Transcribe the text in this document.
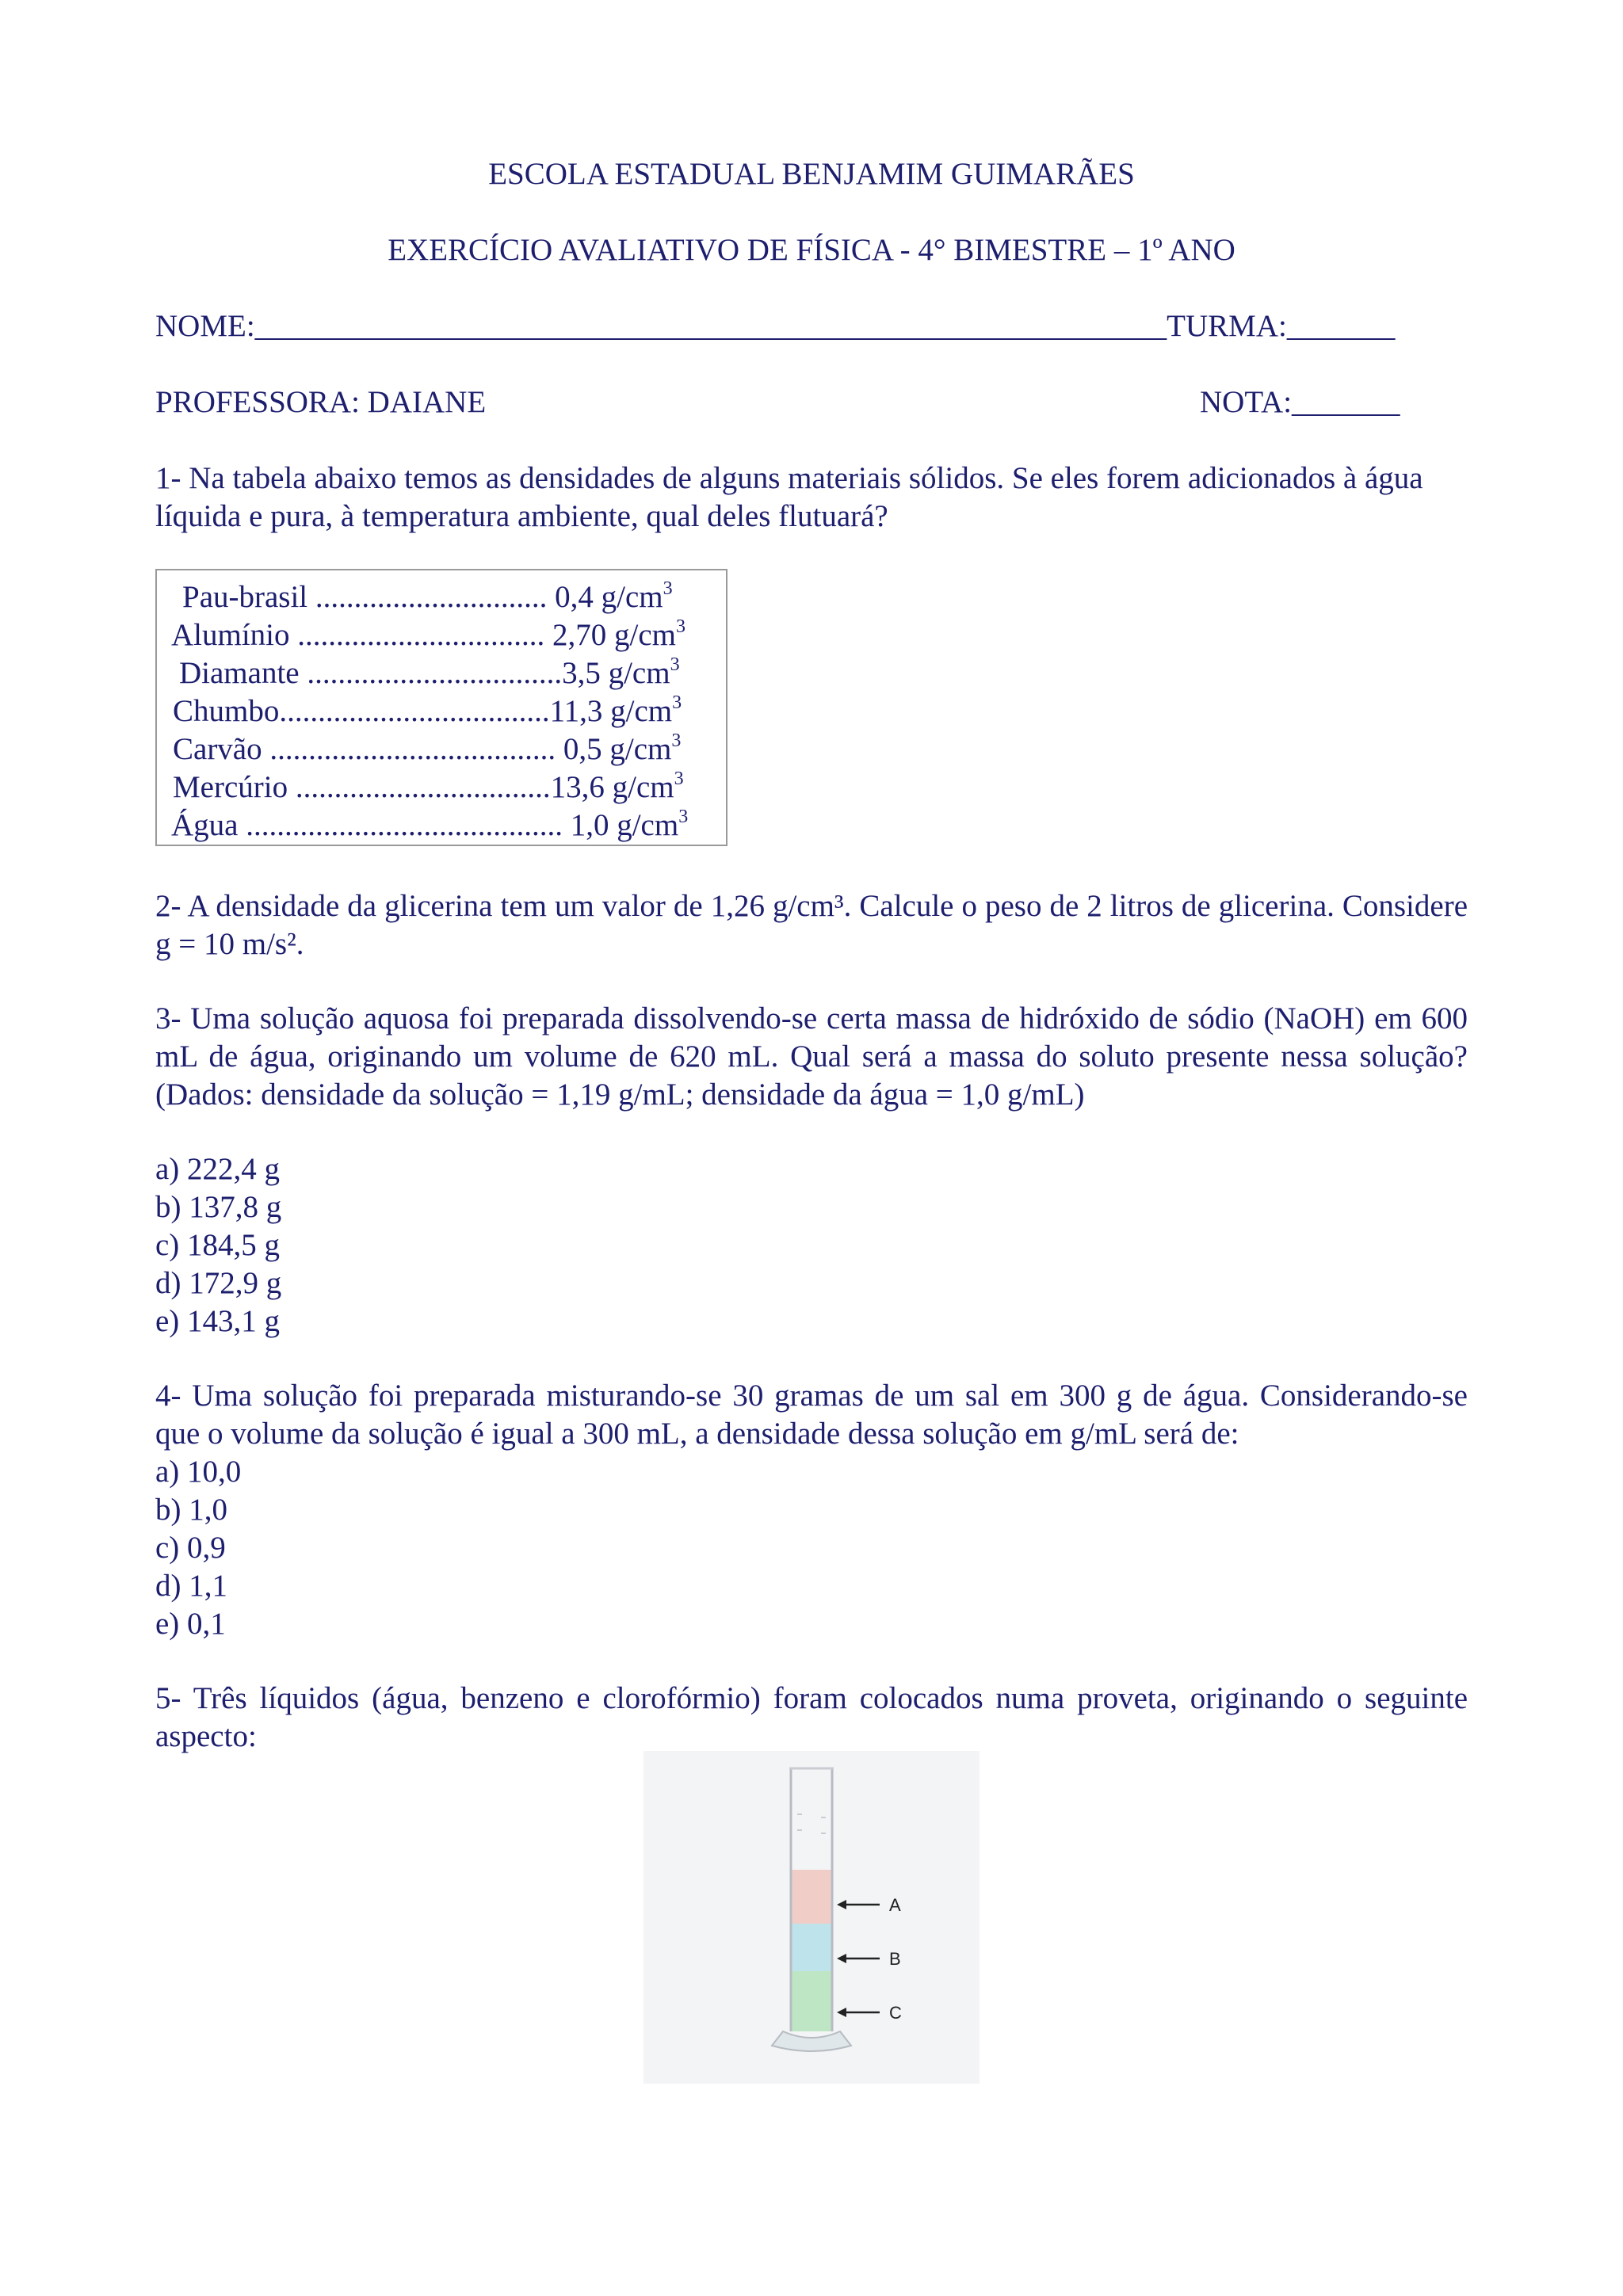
ESCOLA ESTADUAL BENJAMIM GUIMARÃES
EXERCÍCIO AVALIATIVO DE FÍSICA - 4° BIMESTRE – 1º ANO
NOME:___________________________________________________________TURMA:_______
PROFESSORA: DAIANE	NOTA:_______
1- Na tabela abaixo temos as densidades de alguns materiais sólidos. Se eles forem adicionados à água líquida e pura, à temperatura ambiente, qual deles flutuará?
Pau-brasil .............................. 0,4 $g/cm^3$
Alumínio ................................ 2,70 $g/cm^3$
Diamante .................................3,5 $g/cm^3$
Chumbo...................................11,3 $g/cm^3$
Carvão ..................................... 0,5 $g/cm^3$
Mercúrio .................................13,6 $g/cm^3$
Água ......................................... 1,0 $g/cm^3$
2- A densidade da glicerina tem um valor de 1,26 g/cm³. Calcule o peso de 2 litros de glicerina. Considere g = 10 m/s².
3- Uma solução aquosa foi preparada dissolvendo-se certa massa de hidróxido de sódio (NaOH) em 600 mL de água, originando um volume de 620 mL. Qual será a massa do soluto presente nessa solução? (Dados: densidade da solução = 1,19 g/mL; densidade da água = 1,0 g/mL)
a) 222,4 g
b) 137,8 g
c) 184,5 g
d) 172,9 g
e) 143,1 g
4- Uma solução foi preparada misturando-se 30 gramas de um sal em 300 g de água. Considerando-se que o volume da solução é igual a 300 mL, a densidade dessa solução em g/mL será de:
a) 10,0
b) 1,0
c) 0,9
d) 1,1
e) 0,1
5- Três líquidos (água, benzeno e clorofórmio) foram colocados numa proveta, originando o seguinte aspecto:
A
B
C
